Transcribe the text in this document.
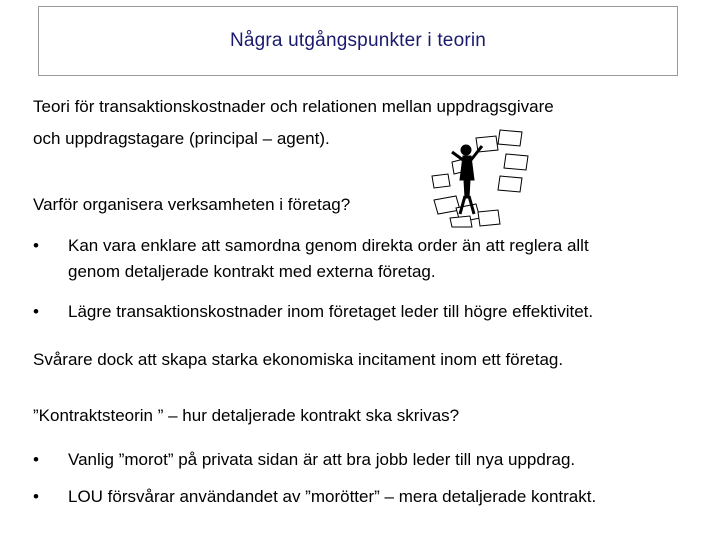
Några utgångspunkter i teorin
Teori för transaktionskostnader och relationen mellan uppdragsgivare
och uppdragstagare (principal – agent).
Varför organisera verksamheten i företag?
• Kan vara enklare att samordna genom direkta order än att reglera allt
genom detaljerade kontrakt med externa företag.
• Lägre transaktionskostnader inom företaget leder till högre effektivitet.
Svårare dock att skapa starka ekonomiska incitament inom ett företag.
”Kontraktsteorin ” – hur detaljerade kontrakt ska skrivas?
• Vanlig ”morot” på privata sidan är att bra jobb leder till nya uppdrag.
• LOU försvårar användandet av ”morötter” – mera detaljerade kontrakt.
